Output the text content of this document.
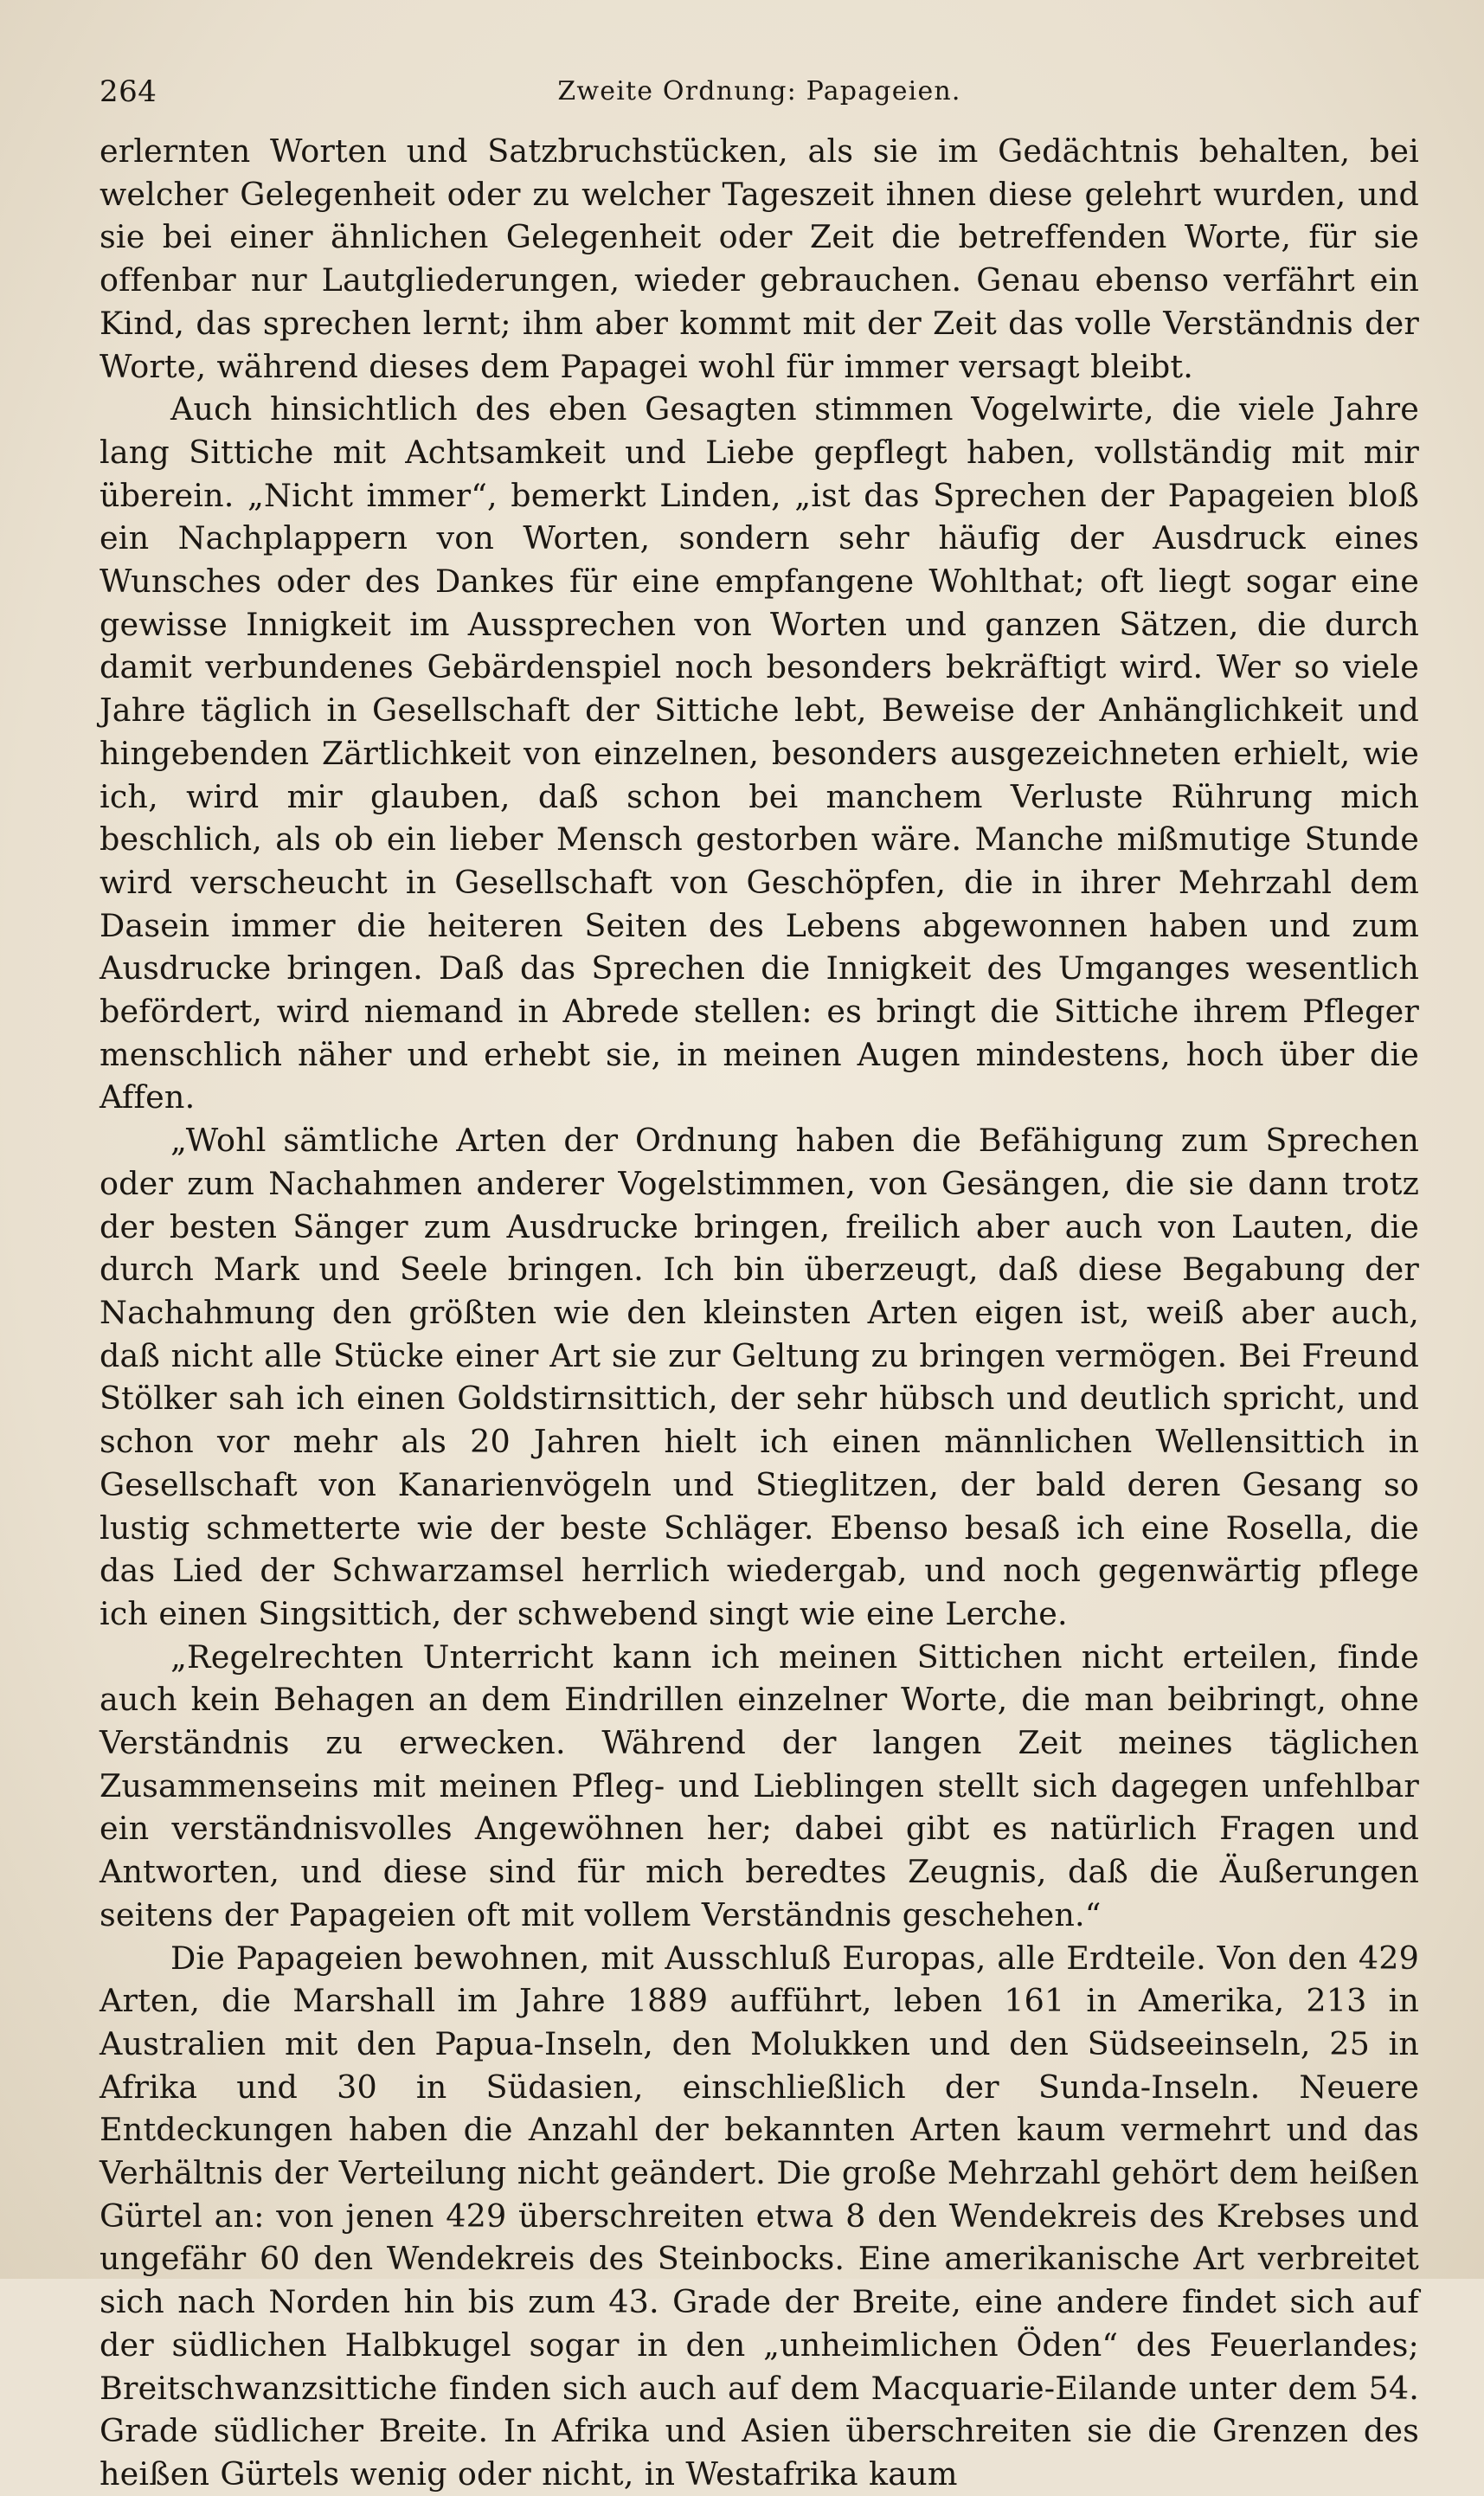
264	Zweite Ordnung: Papageien.

erlernten Worten und Satzbruchstücken, als sie im Gedächtnis behalten, bei welcher Gelegenheit oder zu welcher Tageszeit ihnen diese gelehrt wurden, und sie bei einer ähnlichen Gelegenheit oder Zeit die betreffenden Worte, für sie offenbar nur Lautgliederungen, wieder gebrauchen. Genau ebenso verfährt ein Kind, das sprechen lernt; ihm aber kommt mit der Zeit das volle Verständnis der Worte, während dieses dem Papagei wohl für immer versagt bleibt.

Auch hinsichtlich des eben Gesagten stimmen Vogelwirte, die viele Jahre lang Sittiche mit Achtsamkeit und Liebe gepflegt haben, vollständig mit mir überein. „Nicht immer“, bemerkt Linden, „ist das Sprechen der Papageien bloß ein Nachplappern von Worten, sondern sehr häufig der Ausdruck eines Wunsches oder des Dankes für eine empfangene Wohlthat; oft liegt sogar eine gewisse Innigkeit im Aussprechen von Worten und ganzen Sätzen, die durch damit verbundenes Gebärdenspiel noch besonders bekräftigt wird. Wer so viele Jahre täglich in Gesellschaft der Sittiche lebt, Beweise der Anhänglichkeit und hingebenden Zärtlichkeit von einzelnen, besonders ausgezeichneten erhielt, wie ich, wird mir glauben, daß schon bei manchem Verluste Rührung mich beschlich, als ob ein lieber Mensch gestorben wäre. Manche mißmutige Stunde wird verscheucht in Gesellschaft von Geschöpfen, die in ihrer Mehrzahl dem Dasein immer die heiteren Seiten des Lebens abgewonnen haben und zum Ausdrucke bringen. Daß das Sprechen die Innigkeit des Umganges wesentlich befördert, wird niemand in Abrede stellen: es bringt die Sittiche ihrem Pfleger menschlich näher und erhebt sie, in meinen Augen mindestens, hoch über die Affen.

„Wohl sämtliche Arten der Ordnung haben die Befähigung zum Sprechen oder zum Nachahmen anderer Vogelstimmen, von Gesängen, die sie dann trotz der besten Sänger zum Ausdrucke bringen, freilich aber auch von Lauten, die durch Mark und Seele bringen. Ich bin überzeugt, daß diese Begabung der Nachahmung den größten wie den kleinsten Arten eigen ist, weiß aber auch, daß nicht alle Stücke einer Art sie zur Geltung zu bringen vermögen. Bei Freund Stölker sah ich einen Goldstirnsittich, der sehr hübsch und deutlich spricht, und schon vor mehr als 20 Jahren hielt ich einen männlichen Wellensittich in Gesellschaft von Kanarienvögeln und Stieglitzen, der bald deren Gesang so lustig schmetterte wie der beste Schläger. Ebenso besaß ich eine Rosella, die das Lied der Schwarzamsel herrlich wiedergab, und noch gegenwärtig pflege ich einen Singsittich, der schwebend singt wie eine Lerche.

„Regelrechten Unterricht kann ich meinen Sittichen nicht erteilen, finde auch kein Behagen an dem Eindrillen einzelner Worte, die man beibringt, ohne Verständnis zu erwecken. Während der langen Zeit meines täglichen Zusammenseins mit meinen Pfleg- und Lieblingen stellt sich dagegen unfehlbar ein verständnisvolles Angewöhnen her; dabei gibt es natürlich Fragen und Antworten, und diese sind für mich beredtes Zeugnis, daß die Äußerungen seitens der Papageien oft mit vollem Verständnis geschehen.“

Die Papageien bewohnen, mit Ausschluß Europas, alle Erdteile. Von den 429 Arten, die Marshall im Jahre 1889 aufführt, leben 161 in Amerika, 213 in Australien mit den Papua-Inseln, den Molukken und den Südseeinseln, 25 in Afrika und 30 in Südasien, einschließlich der Sunda-Inseln. Neuere Entdeckungen haben die Anzahl der bekannten Arten kaum vermehrt und das Verhältnis der Verteilung nicht geändert. Die große Mehrzahl gehört dem heißen Gürtel an: von jenen 429 überschreiten etwa 8 den Wendekreis des Krebses und ungefähr 60 den Wendekreis des Steinbocks. Eine amerikanische Art verbreitet sich nach Norden hin bis zum 43. Grade der Breite, eine andere findet sich auf der südlichen Halbkugel sogar in den „unheimlichen Öden“ des Feuerlandes; Breitschwanzsittiche finden sich auch auf dem Macquarie-Eilande unter dem 54. Grade südlicher Breite. In Afrika und Asien überschreiten sie die Grenzen des heißen Gürtels wenig oder nicht, in Westafrika kaum
